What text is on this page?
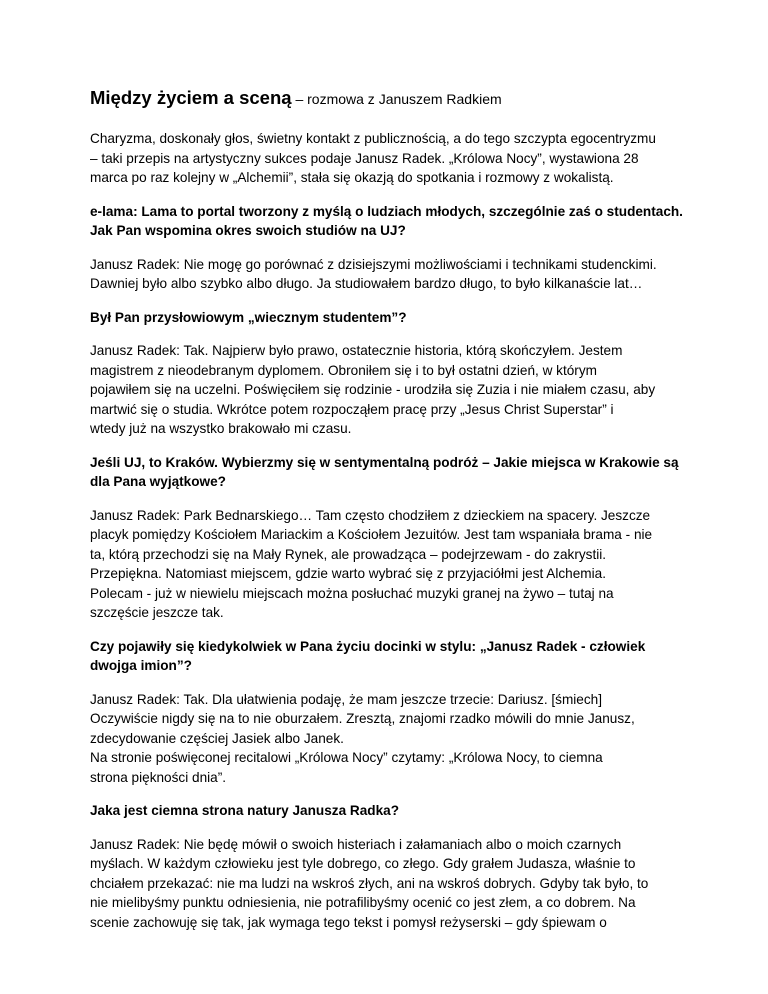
Między życiem a sceną – rozmowa z Januszem Radkiem
Charyzma, doskonały głos, świetny kontakt z publicznością, a do tego szczypta egocentryzmu
– taki przepis na artystyczny sukces podaje Janusz Radek. „Królowa Nocy”, wystawiona 28
marca po raz kolejny w „Alchemii”, stała się okazją do spotkania i rozmowy z wokalistą.
e-lama: Lama to portal tworzony z myślą o ludziach młodych, szczególnie zaś o studentach.
Jak Pan wspomina okres swoich studiów na UJ?
Janusz Radek: Nie mogę go porównać z dzisiejszymi możliwościami i technikami studenckimi.
Dawniej było albo szybko albo długo. Ja studiowałem bardzo długo, to było kilkanaście lat…
Był Pan przysłowiowym „wiecznym studentem”?
Janusz Radek: Tak. Najpierw było prawo, ostatecznie historia, którą skończyłem. Jestem
magistrem z nieodebranym dyplomem. Obroniłem się i to był ostatni dzień, w którym
pojawiłem się na uczelni. Poświęciłem się rodzinie - urodziła się Zuzia i nie miałem czasu, aby
martwić się o studia. Wkrótce potem rozpocząłem pracę przy „Jesus Christ Superstar” i
wtedy już na wszystko brakowało mi czasu.
Jeśli UJ, to Kraków. Wybierzmy się w sentymentalną podróż – Jakie miejsca w Krakowie są
dla Pana wyjątkowe?
Janusz Radek: Park Bednarskiego… Tam często chodziłem z dzieckiem na spacery. Jeszcze
placyk pomiędzy Kościołem Mariackim a Kościołem Jezuitów. Jest tam wspaniała brama - nie
ta, którą przechodzi się na Mały Rynek, ale prowadząca – podejrzewam - do zakrystii.
Przepiękna. Natomiast miejscem, gdzie warto wybrać się z przyjaciółmi jest Alchemia.
Polecam - już w niewielu miejscach można posłuchać muzyki granej na żywo – tutaj na
szczęście jeszcze tak.
Czy pojawiły się kiedykolwiek w Pana życiu docinki w stylu: „Janusz Radek - człowiek
dwojga imion”?
Janusz Radek: Tak. Dla ułatwienia podaję, że mam jeszcze trzecie: Dariusz. [śmiech]
Oczywiście nigdy się na to nie oburzałem. Zresztą, znajomi rzadko mówili do mnie Janusz,
zdecydowanie częściej Jasiek albo Janek.
Na stronie poświęconej recitalowi „Królowa Nocy” czytamy: „Królowa Nocy, to ciemna
strona piękności dnia”.
Jaka jest ciemna strona natury Janusza Radka?
Janusz Radek: Nie będę mówił o swoich histeriach i załamaniach albo o moich czarnych
myślach. W każdym człowieku jest tyle dobrego, co złego. Gdy grałem Judasza, właśnie to
chciałem przekazać: nie ma ludzi na wskroś złych, ani na wskroś dobrych. Gdyby tak było, to
nie mielibyśmy punktu odniesienia, nie potrafilibyśmy ocenić co jest złem, a co dobrem. Na
scenie zachowuję się tak, jak wymaga tego tekst i pomysł reżyserski – gdy śpiewam o
